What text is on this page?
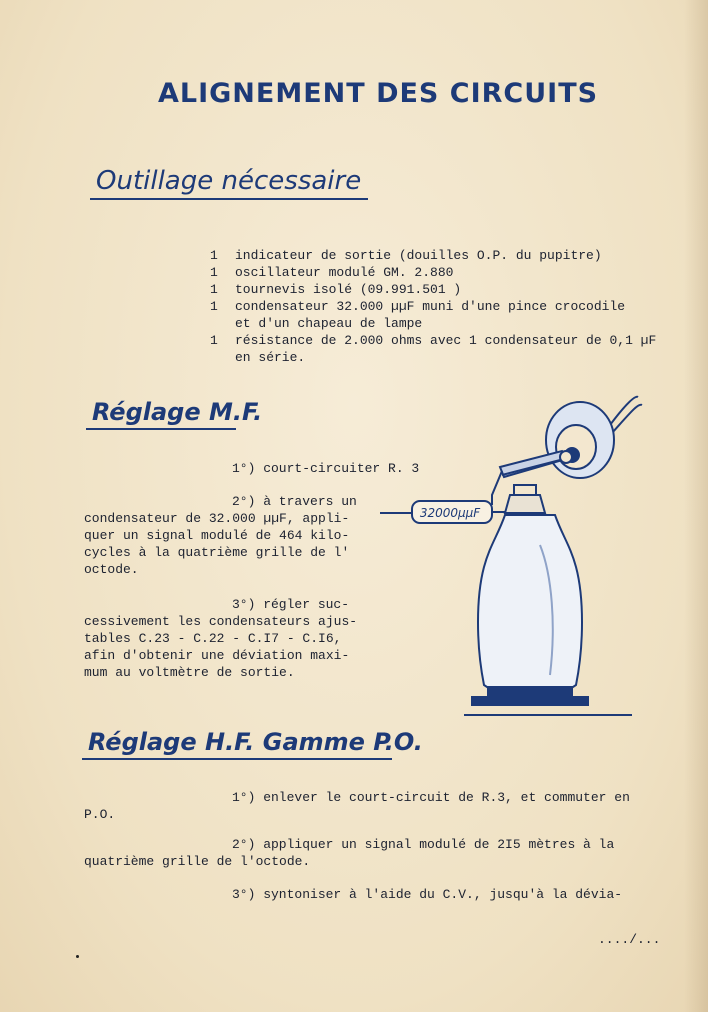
ALIGNEMENT DES CIRCUITS
Outillage nécessaire
1	indicateur de sortie (douilles O.P. du pupitre)
1	oscillateur modulé GM. 2.880
1	tournevis isolé (09.991.501 )
1	condensateur 32.000 µµF muni d'une pince crocodile
et d'un chapeau de lampe
1	résistance de 2.000 ohms avec 1 condensateur de 0,1 µF
en série.
Réglage M.F.
1°) court-circuiter R. 3
2°) à travers un
condensateur de 32.000 µµF, appli-
quer un signal modulé de 464 kilo-
cycles à la quatrième grille de l'
octode.
3°) régler suc-
cessivement les condensateurs ajus-
tables C.23 - C.22 - C.I7 - C.I6,
afin d'obtenir une déviation maxi-
mum au voltmètre de sortie.
32000µµF
Réglage H.F. Gamme P.O.
1°) enlever le court-circuit de R.3, et commuter en
P.O.
2°) appliquer un signal modulé de 2I5 mètres à la
quatrième grille de l'octode.
3°) syntoniser à l'aide du C.V., jusqu'à la dévia-
..../...
